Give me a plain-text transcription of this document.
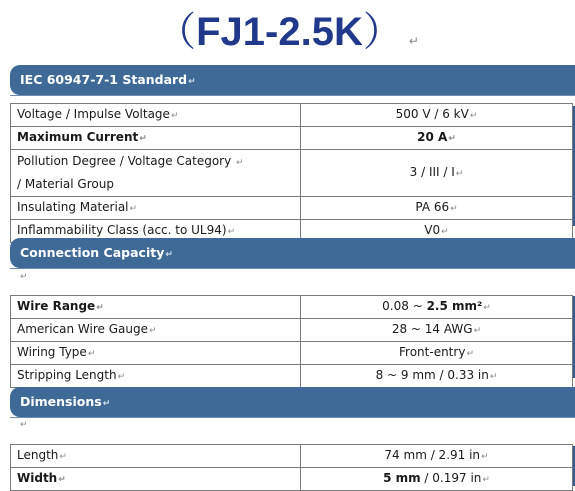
（FJ1-2.5K） ↵
IEC 60947-7-1 Standard↵
Voltage / Impulse Voltage↵	500 V / 6 kV↵
Maximum Current↵	20 A↵
Pollution Degree / Voltage Category ↵
/ Material Group	3 / III / I↵
Insulating Material↵	PA 66↵
Inflammability Class (acc. to UL94)↵	V0↵
Connection Capacity↵
↵
Wire Range↵	0.08 ~ 2.5 mm²↵
American Wire Gauge↵	28 ~ 14 AWG↵
Wiring Type↵	Front-entry↵
Stripping Length↵	8 ~ 9 mm / 0.33 in↵
Dimensions↵
↵
Length↵	74 mm / 2.91 in↵
Width↵	5 mm / 0.197 in↵
